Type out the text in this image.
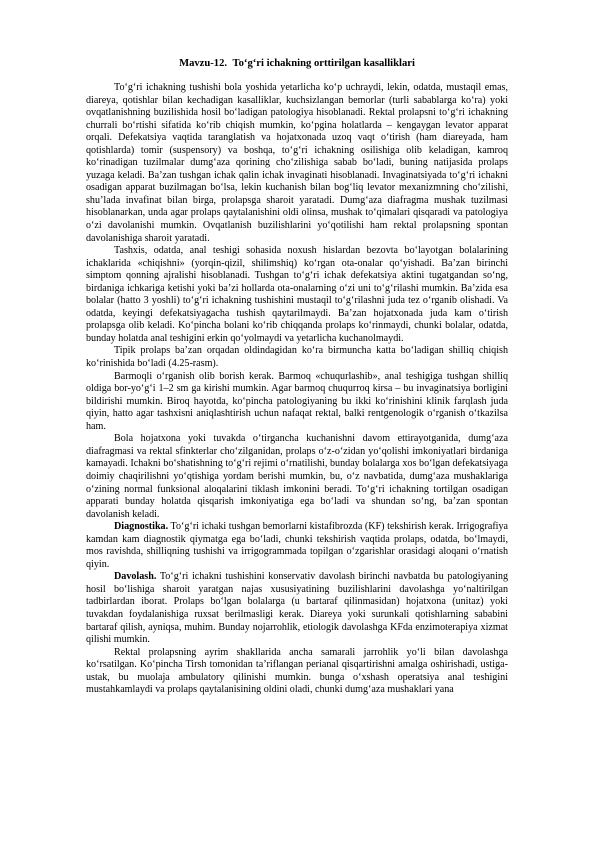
Mavzu-12. To‘g‘ri ichakning orttirilgan kasalliklari

To‘g‘ri ichakning tushishi bola yoshida yetarlicha ko‘p uchraydi, lekin, odatda, mustaqil emas, diareya, qotishlar bilan kechadigan kasalliklar, kuchsizlangan bemorlar (turli sabablarga ko‘ra) yoki ovqatlanishning buzilishida hosil bo‘ladigan patologiya hisoblanadi. Rektal prolapsni to‘g‘ri ichakning churrali bo‘rtishi sifatida ko‘rib chiqish mumkin, ko‘pgina holatlarda – kengaygan levator apparat orqali. Defekatsiya vaqtida taranglatish va hojatxonada uzoq vaqt o‘tirish (ham diareyada, ham qotishlarda) tomir (suspensory) va boshqa, to‘g‘ri ichakning osilishiga olib keladigan, kamroq ko‘rinadigan tuzilmalar dumg‘aza qorining cho‘zilishiga sabab bo‘ladi, buning natijasida prolaps yuzaga keladi. Ba’zan tushgan ichak qalin ichak invaginati hisoblanadi. Invaginatsiyada to‘g‘ri ichakni osadigan apparat buzilmagan bo‘lsa, lekin kuchanish bilan bog‘liq levator mexanizmning cho‘zilishi, shu’lada invafinat bilan birga, prolapsga sharoit yaratadi. Dumg‘aza diafragma mushak tuzilmasi hisoblanarkan, unda agar prolaps qaytalanishini oldi olinsa, mushak to‘qimalari qisqaradi va patologiya o‘zi davolanishi mumkin. Ovqatlanish buzilishlarini yo‘qotilishi ham rektal prolapsning spontan davolanishiga sharoit yaratadi.

Tashxis, odatda, anal teshigi sohasida noxush hislardan bezovta bo‘layotgan bolalarining ichaklarida «chiqishni» (yorqin-qizil, shilimshiq) ko‘rgan ota-onalar qo‘yishadi. Ba’zan birinchi simptom qonning ajralishi hisoblanadi. Tushgan to‘g‘ri ichak defekatsiya aktini tugatgandan so‘ng, birdaniga ichkariga ketishi yoki ba’zi hollarda ota-onalarning o‘zi uni to‘g‘rilashi mumkin. Ba’zida esa bolalar (hatto 3 yoshli) to‘g‘ri ichakning tushishini mustaqil to‘g‘rilashni juda tez o‘rganib olishadi. Va odatda, keyingi defekatsiyagacha tushish qaytarilmaydi. Ba’zan hojatxonada juda kam o‘tirish prolapsga olib keladi. Ko‘pincha bolani ko‘rib chiqqanda prolaps ko‘rinmaydi, chunki bolalar, odatda, bunday holatda anal teshigini erkin qo‘yolmaydi va yetarlicha kuchanolmaydi.

Tipik prolaps ba’zan orqadan oldindagidan ko‘ra birmuncha katta bo‘ladigan shilliq chiqish ko‘rinishida bo‘ladi (4.25-rasm).

Barmoqli o‘rganish olib borish kerak. Barmoq «chuqurlashib», anal teshigiga tushgan shilliq oldiga bor-yo‘g‘i 1–2 sm ga kirishi mumkin. Agar barmoq chuqurroq kirsa – bu invaginatsiya borligini bildirishi mumkin. Biroq hayotda, ko‘pincha patologiyaning bu ikki ko‘rinishini klinik farqlash juda qiyin, hatto agar tashxisni aniqlashtirish uchun nafaqat rektal, balki rentgenologik o‘rganish o‘tkazilsa ham.

Bola hojatxona yoki tuvakda o‘tirgancha kuchanishni davom ettirayotganida, dumg‘aza diafragmasi va rektal sfinkterlar cho‘zilganidan, prolaps o‘z-o‘zidan yo‘qolishi imkoniyatlari birdaniga kamayadi. Ichakni bo‘shatishning to‘g‘ri rejimi o‘rnatilishi, bunday bolalarga xos bo‘lgan defekatsiyaga doimiy chaqirilishni yo‘qtishiga yordam berishi mumkin, bu, o‘z navbatida, dumg‘aza mushaklariga o‘zining normal funksional aloqalarini tiklash imkonini beradi. To‘g‘ri ichakning tortilgan osadigan apparati bunday holatda qisqarish imkoniyatiga ega bo‘ladi va shundan so‘ng, ba’zan spontan davolanish keladi.

Diagnostika. To‘g‘ri ichaki tushgan bemorlarni kistafibrozda (KF) tekshirish kerak. Irrigografiya kamdan kam diagnostik qiymatga ega bo‘ladi, chunki tekshirish vaqtida prolaps, odatda, bo‘lmaydi, mos ravishda, shilliqning tushishi va irrigogrammada topilgan o‘zgarishlar orasidagi aloqani o‘rnatish qiyin.

Davolash. To‘g‘ri ichakni tushishini konservativ davolash birinchi navbatda bu patologiyaning hosil bo‘lishiga sharoit yaratgan najas xususiyatining buzilishlarini davolashga yo‘naltirilgan tadbirlardan iborat. Prolaps bo‘lgan bolalarga (u bartaraf qilinmasidan) hojatxona (unitaz) yoki tuvakdan foydalanishiga ruxsat berilmasligi kerak. Diareya yoki surunkali qotishlarning sababini bartaraf qilish, ayniqsa, muhim. Bunday nojarrohlik, etiologik davolashga KFda enzimoterapiya xizmat qilishi mumkin.

Rektal prolapsning ayrim shakllarida ancha samarali jarrohlik yo‘li bilan davolashga ko‘rsatilgan. Ko‘pincha Tirsh tomonidan ta’riflangan perianal qisqartirishni amalga oshirishadi, ustiga-ustak, bu muolaja ambulatory qilinishi mumkin. bunga o‘xshash operatsiya anal teshigini mustahkamlaydi va prolaps qaytalanisining oldini oladi, chunki dumg‘aza mushaklari yana
